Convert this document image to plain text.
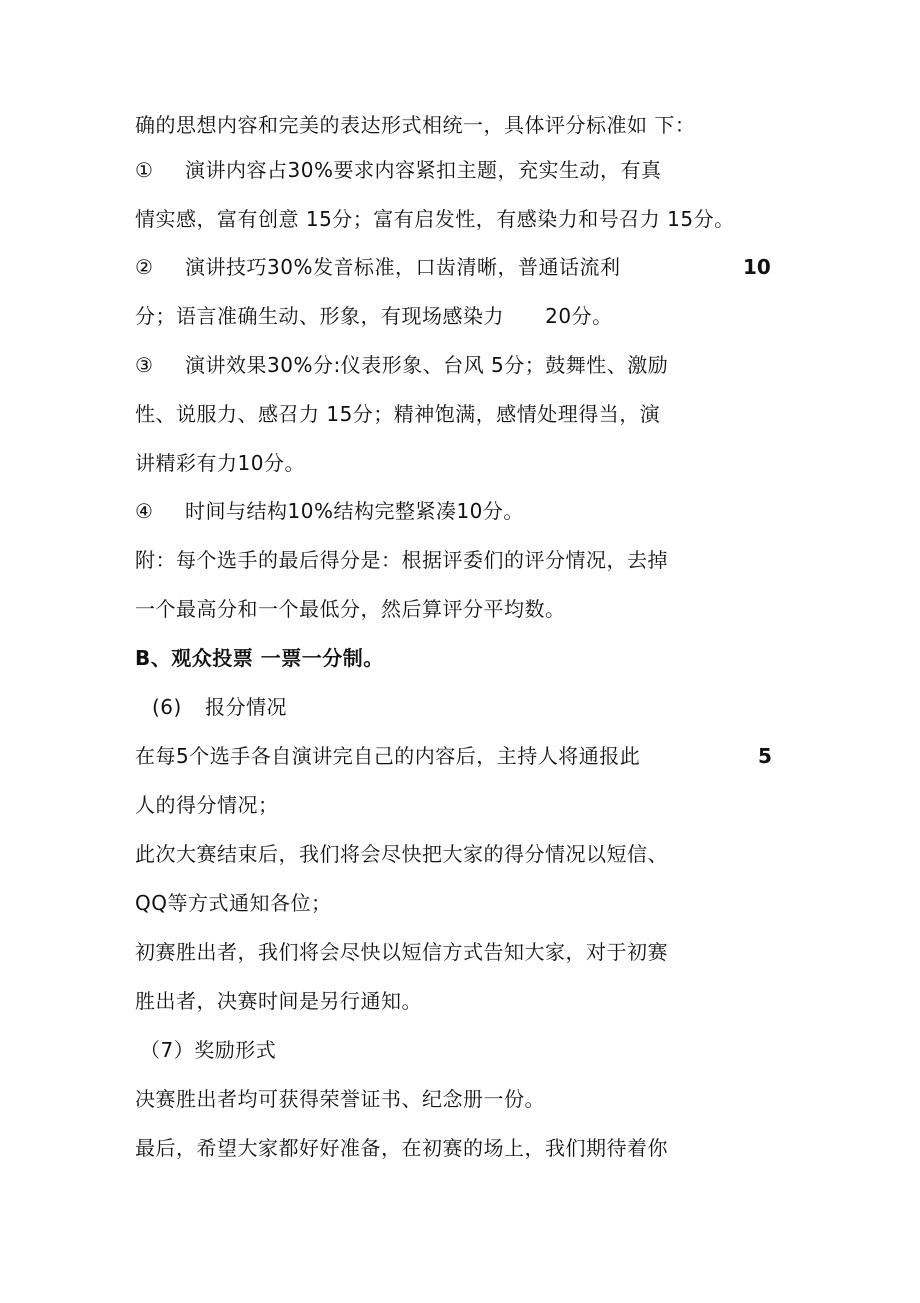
确的思想内容和完美的表达形式相统一，具体评分标准如 下：
①	演讲内容占30%要求内容紧扣主题，充实生动，有真
情实感，富有创意 15分；富有启发性，有感染力和号召力 15分。
②	演讲技巧30%发音标准，口齿清晰，普通话流利	10
分；语言准确生动、形象，有现场感染力      20分。
③	演讲效果30%分:仪表形象、台风 5分；鼓舞性、激励
性、说服力、感召力 15分；精神饱满，感情处理得当，演
讲精彩有力10分。
④	时间与结构10%结构完整紧凑10分。
附：每个选手的最后得分是：根据评委们的评分情况，去掉
一个最高分和一个最低分，然后算评分平均数。
B、观众投票 一票一分制。
(6) 报分情况
在每5个选手各自演讲完自己的内容后，主持人将通报此	5
人的得分情况；
此次大赛结束后，我们将会尽快把大家的得分情况以短信、
QQ等方式通知各位；
初赛胜出者，我们将会尽快以短信方式告知大家，对于初赛
胜出者，决赛时间是另行通知。
（7）奖励形式
决赛胜出者均可获得荣誉证书、纪念册一份。
最后，希望大家都好好准备，在初赛的场上，我们期待着你
